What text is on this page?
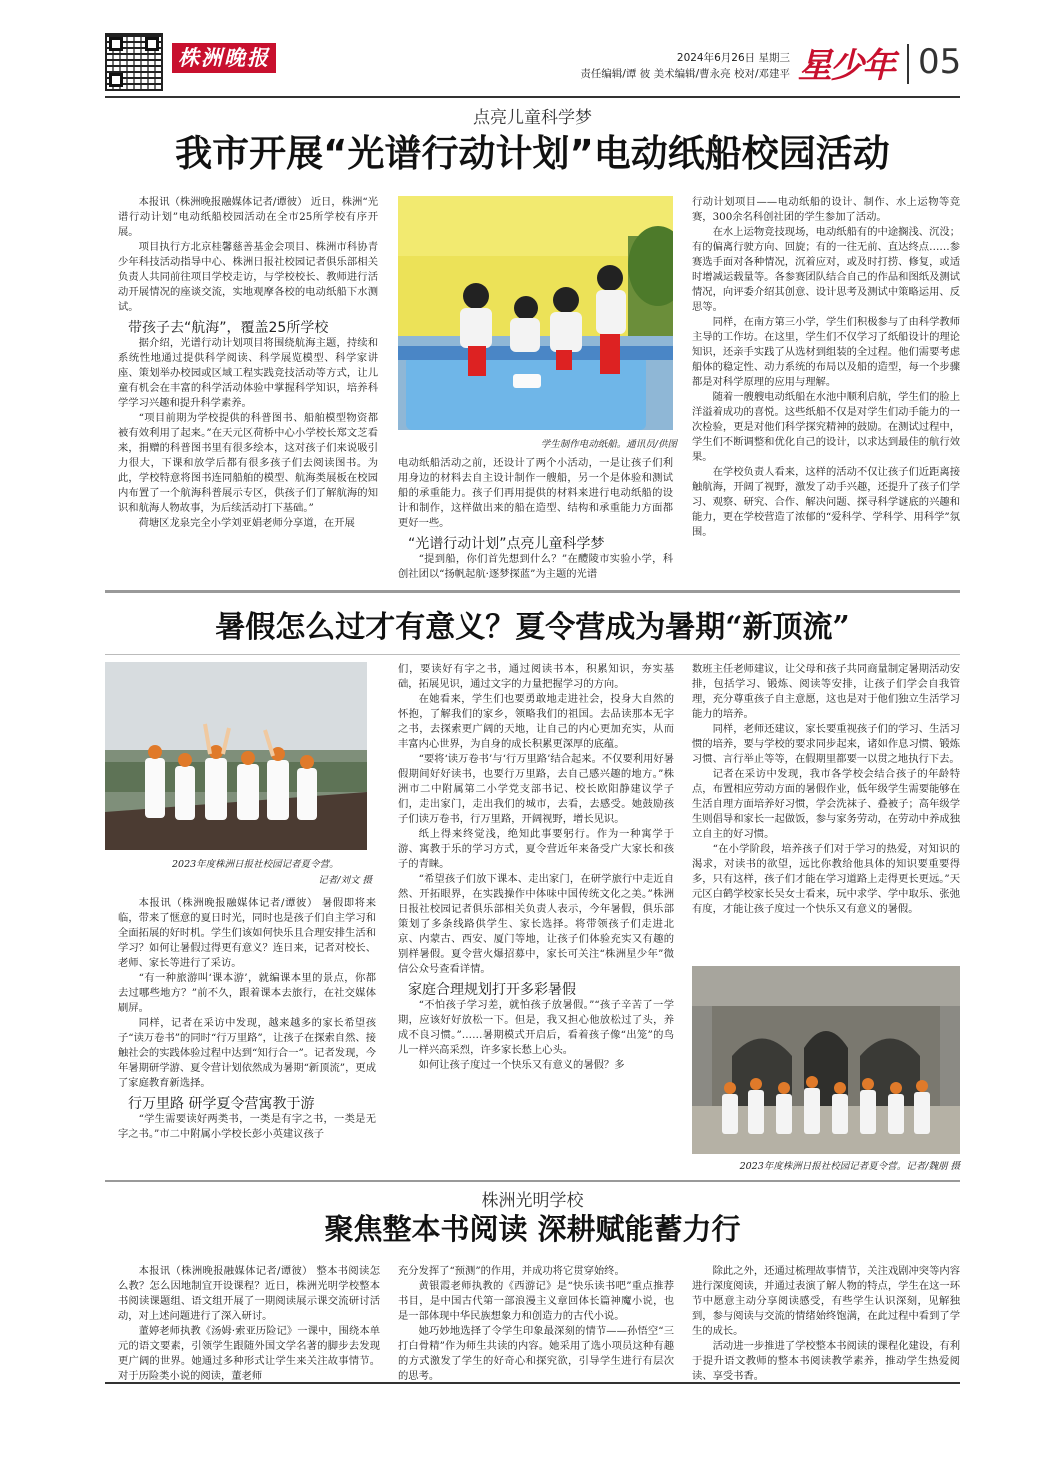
株洲晚报	2024年6月26日 星期三
责任编辑/谭 彼 美术编辑/曹永亮 校对/邓建平 星少年 05
点亮儿童科学梦
我市开展“光谱行动计划”电动纸船校园活动

本报讯（株洲晚报融媒体记者/谭彼） 近日，株洲“光谱行动计划”电动纸船校园活动在全市25所学校有序开展。

项目执行方北京桂馨慈善基金会项目、株洲市科协青少年科技活动指导中心、株洲日报社校园记者俱乐部相关负责人共同前往项目学校走访，与学校校长、教师进行活动开展情况的座谈交流，实地观摩各校的电动纸船下水测试。

带孩子去“航海”，覆盖25所学校

据介绍，光谱行动计划项目将围绕航海主题，持续和系统性地通过提供科学阅读、科学展览模型、科学家讲座、策划举办校园或区域工程实践竞技活动等方式，让儿童有机会在丰富的科学活动体验中掌握科学知识，培养科学学习兴趣和提升科学素养。

“项目前期为学校提供的科普图书、船舶模型物资都被有效利用了起来。”在天元区荷桥中心小学校长郑文芝看来，捐赠的科普图书里有很多绘本，这对孩子们来说吸引力很大，下课和放学后都有很多孩子们去阅读图书。为此，学校特意将图书连同船舶的模型、航海类展板在校园内布置了一个航海科普展示专区，供孩子们了解航海的知识和航海人物故事，为后续活动打下基础。”

荷塘区龙泉完全小学刘亚娟老师分享道，在开展

学生制作电动纸船。通讯员/供图

电动纸船活动之前，还设计了两个小活动，一是让孩子们利用身边的材料去自主设计制作一艘船，另一个是体验和测试船的承重能力。孩子们再用提供的材料来进行电动纸船的设计和制作，这样做出来的船在造型、结构和承重能力方面都更好一些。

“光谱行动计划”点亮儿童科学梦

“提到船，你们首先想到什么？”在醴陵市实验小学，科创社团以“扬帆起航·逐梦探蓝”为主题的光谱

行动计划项目——电动纸船的设计、制作、水上运物等竞赛，300余名科创社团的学生参加了活动。

在水上运物竞技现场，电动纸船有的中途搁浅、沉没；有的偏离行驶方向、回旋；有的一往无前、直达终点……参赛选手面对各种情况，沉着应对，或及时打捞、修复，或适时增减运载量等。各参赛团队结合自己的作品和图纸及测试情况，向评委介绍其创意、设计思考及测试中策略运用、反思等。

同样，在南方第三小学，学生们积极参与了由科学教师主导的工作坊。在这里，学生们不仅学习了纸船设计的理论知识，还亲手实践了从选材到组装的全过程。他们需要考虑船体的稳定性、动力系统的布局以及船的造型，每一个步骤都是对科学原理的应用与理解。

随着一艘艘电动纸船在水池中顺利启航，学生们的脸上洋溢着成功的喜悦。这些纸船不仅是对学生们动手能力的一次检验，更是对他们科学探究精神的鼓励。在测试过程中，学生们不断调整和优化自己的设计，以求达到最佳的航行效果。

在学校负责人看来，这样的活动不仅让孩子们近距离接触航海，开阔了视野，激发了动手兴趣，还提升了孩子们学习、观察、研究、合作、解决问题、探寻科学谜底的兴趣和能力，更在学校营造了浓郁的“爱科学、学科学、用科学”氛围。

暑假怎么过才有意义？夏令营成为暑期“新顶流”
2023年度株洲日报社校园记者夏令营。
记者/刘文 摄

本报讯（株洲晚报融媒体记者/谭彼） 暑假即将来临，带来了惬意的夏日时光，同时也是孩子们自主学习和全面拓展的好时机。学生们该如何快乐且合理安排生活和学习？如何让暑假过得更有意义？连日来，记者对校长、老师、家长等进行了采访。

“有一种旅游叫‘课本游’，就编课本里的景点，你都去过哪些地方？”前不久，跟着课本去旅行，在社交媒体刷屏。

同样，记者在采访中发现，越来越多的家长希望孩子“读万卷书”的同时“行万里路”，让孩子在探索自然、接触社会的实践体验过程中达到“知行合一”。记者发现，今年暑期研学游、夏令营计划依然成为暑期“新顶流”，更成了家庭教育新选择。

行万里路 研学夏令营寓教于游

“学生需要读好两类书，一类是有字之书，一类是无字之书。”市二中附属小学校长彭小英建议孩子

们，要读好有字之书，通过阅读书本，积累知识，夯实基础，拓展见识，通过文字的力量把握学习的方向。

在她看来，学生们也要勇敢地走进社会，投身大自然的怀抱，了解我们的家乡，领略我们的祖国。去品读那本无字之书，去探索更广阔的天地，让自己的内心更加充实，从而丰富内心世界，为自身的成长积累更深厚的底蕴。

“要将‘读万卷书’与‘行万里路’结合起来。不仅要利用好暑假期间好好读书，也要行万里路，去自己感兴趣的地方。”株洲市二中附属第二小学党支部书记、校长欧阳静建议学子们，走出家门，走出我们的城市，去看，去感受。她鼓励孩子们读万卷书，行万里路，开阔视野，增长见识。

纸上得来终觉浅，绝知此事要躬行。作为一种寓学于游、寓教于乐的学习方式，夏令营近年来备受广大家长和孩子的青睐。

“希望孩子们放下课本、走出家门，在研学旅行中走近自然、开拓眼界，在实践操作中体味中国传统文化之美。”株洲日报社校园记者俱乐部相关负责人表示，今年暑假，俱乐部策划了多条线路供学生、家长选择。将带领孩子们走进北京、内蒙古、西安、厦门等地，让孩子们体验充实又有趣的别样暑假。夏令营火爆招募中，家长可关注“株洲星少年”微信公众号查看详情。

家庭合理规划打开多彩暑假

“不怕孩子学习差，就怕孩子放暑假。”“孩子辛苦了一学期，应该好好放松一下。但是，我又担心他放松过了头，养成不良习惯。”……暑期模式开启后，看着孩子像“出笼”的鸟儿一样兴高采烈，许多家长愁上心头。

如何让孩子度过一个快乐又有意义的暑假？多

数班主任老师建议，让父母和孩子共同商量制定暑期活动安排，包括学习、锻炼、阅读等安排，让孩子们学会自我管理，充分尊重孩子自主意愿，这也是对于他们独立生活学习能力的培养。

同样，老师还建议，家长要重视孩子们的学习、生活习惯的培养，要与学校的要求同步起来，诸如作息习惯、锻炼习惯、言行举止等等，在假期里都要一以贯之地执行下去。

记者在采访中发现，我市各学校会结合孩子的年龄特点，布置相应劳动方面的暑假作业，低年级学生需要能够在生活自理方面培养好习惯，学会洗袜子、叠被子；高年级学生则倡导和家长一起做饭，参与家务劳动，在劳动中养成独立自主的好习惯。

“在小学阶段，培养孩子们对于学习的热爱，对知识的渴求，对读书的欲望，远比你教给他具体的知识要重要得多，只有这样，孩子们才能在学习道路上走得更长更远。”天元区白鹤学校家长吴女士看来，玩中求学、学中取乐、张弛有度，才能让孩子度过一个快乐又有意义的暑假。

2023年度株洲日报社校园记者夏令营。记者/魏朋 摄
株洲光明学校
聚焦整本书阅读 深耕赋能蓄力行

本报讯（株洲晚报融媒体记者/谭彼） 整本书阅读怎么教？怎么因地制宜开设课程？近日，株洲光明学校整本书阅读课题组、语文组开展了一期阅读展示课交流研讨活动，对上述问题进行了深入研讨。

董婷老师执教《汤姆·索亚历险记》一课中，围绕本单元的语文要素，引领学生跟随外国文学名著的脚步去发现更广阔的世界。她通过多种形式让学生来关注故事情节。对于历险类小说的阅读，董老师

充分发挥了“预测”的作用，并成功将它贯穿始终。

黄银霞老师执教的《西游记》是“快乐读书吧”重点推荐书目，是中国古代第一部浪漫主义章回体长篇神魔小说，也是一部体现中华民族想象力和创造力的古代小说。

她巧妙地选择了令学生印象最深刻的情节——孙悟空“三打白骨精”作为师生共读的内容。她采用了选小项员这种有趣的方式激发了学生的好奇心和探究欲，引导学生进行有层次的思考。

除此之外，还通过梳理故事情节，关注戏剧冲突等内容进行深度阅读，并通过表演了解人物的特点，学生在这一环节中愿意主动分享阅读感受，有些学生认识深刻，见解独到，参与阅读与交流的情绪始终饱满，在此过程中看到了学生的成长。

活动进一步推进了学校整本书阅读的课程化建设，有利于提升语文教师的整本书阅读教学素养，推动学生热爱阅读、享受书香。
